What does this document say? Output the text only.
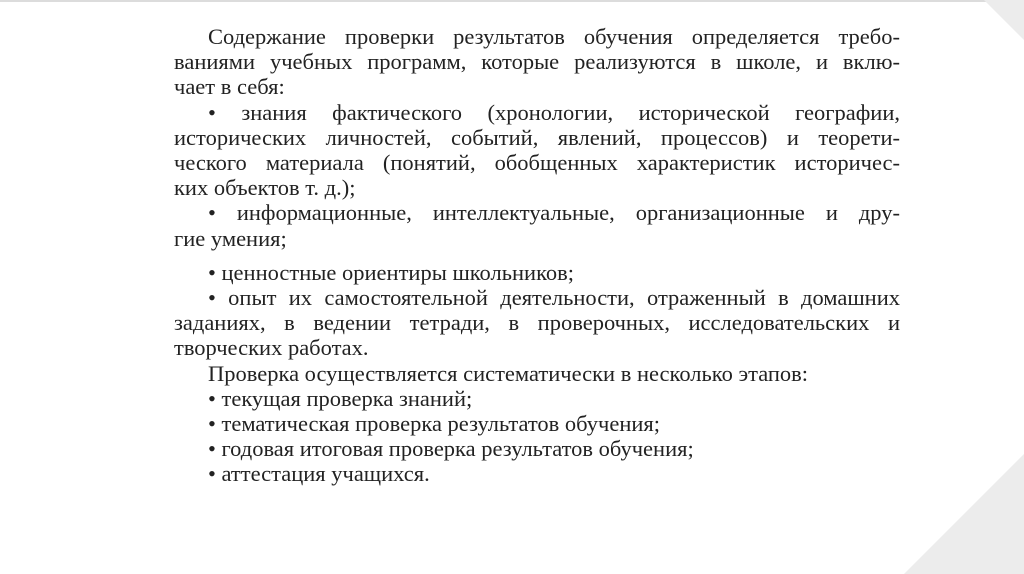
Содержание проверки результатов обучения определяется требо-
ваниями учебных программ, которые реализуются в школе, и вклю-
чает в себя:
• знания фактического (хронологии, исторической географии,
исторических личностей, событий, явлений, процессов) и теорети-
ческого материала (понятий, обобщенных характеристик историчес-
ких объектов т. д.);
• информационные, интеллектуальные, организационные и дру-
гие умения;
• ценностные ориентиры школьников;
• опыт их самостоятельной деятельности, отраженный в домашних
заданиях, в ведении тетради, в проверочных, исследовательских и
творческих работах.
Проверка осуществляется систематически в несколько этапов:
• текущая проверка знаний;
• тематическая проверка результатов обучения;
• годовая итоговая проверка результатов обучения;
• аттестация учащихся.
